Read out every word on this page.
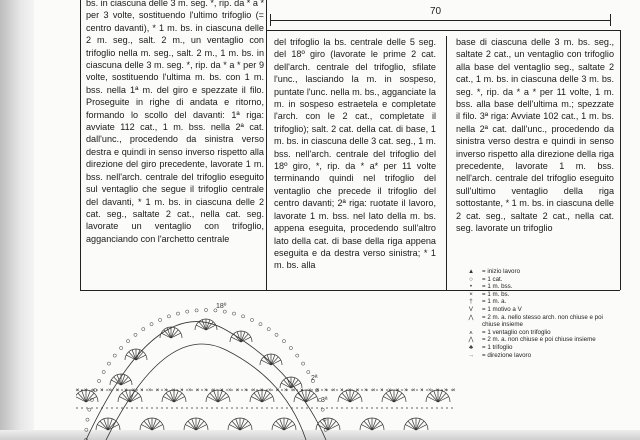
70
bs. in ciascuna delle 3 m. seg. *, rip. da * a * per 3 volte, sostituendo l'ultimo trifoglio (= centro davanti), * 1 m. bs. in ciascuna delle 2 m. seg., salt. 2 m., un ventaglio con trifoglio nella m. seg., salt. 2 m., 1 m. bs. in ciascuna delle 3 m. seg. *, rip. da * a * per 9 volte, sostituendo l'ultima m. bs. con 1 m. bss. nella 1ª m. del giro e spezzate il filo. Proseguite in righe di andata e ritorno, formando lo scollo del davanti: 1ª riga: avviate 112 cat., 1 m. bss. nella 2ª cat. dall'unc., procedendo da sinistra verso destra e quindi in senso inverso rispetto alla direzione del giro precedente, lavorate 1 m. bss. nell'arch. centrale del trifoglio eseguito sul ventaglio che segue il trifoglio centrale del davanti, * 1 m. bs. in ciascuna delle 2 cat. seg., saltate 2 cat., nella cat. seg. lavorate un ventaglio con trifoglio, agganciando con l'archetto centrale
del trifoglio la bs. centrale delle 5 seg. del 18º giro (lavorate le prime 2 cat. dell'arch. centrale del trifoglio, sfilate l'unc., lasciando la m. in sospeso, puntate l'unc. nella m. bs., agganciate la m. in sospeso estraetela e completate l'arch. con le 2 cat., completate il trifoglio); salt. 2 cat. della cat. di base, 1 m. bs. in ciascuna delle 3 cat. seg., 1 m. bss. nell'arch. centrale del trifoglio del 18º giro, *, rip. da * a* per 11 volte terminando quindi nel trifoglio del ventaglio che precede il trifoglio del centro davanti; 2ª riga: ruotate il lavoro, lavorate 1 m. bss. nel lato della m. bs. appena eseguita, procedendo sull'altro lato della cat. di base della riga appena eseguita e da destra verso sinistra; * 1 m. bs. alla
base di ciascuna delle 3 m. bs. seg., saltate 2 cat., un ventaglio con trifoglio alla base del ventaglio seg., saltate 2 cat., 1 m. bs. in ciascuna delle 3 m. bs. seg. *, rip. da * a * per 11 volte, 1 m. bss. alla base dell'ultima m.; spezzate il filo. 3ª riga: Avviate 102 cat., 1 m. bs. nella 2ª cat. dall'unc., procedendo da sinistra verso destra e quindi in senso inverso rispetto alla direzione della riga precedente, lavorate 1 m. bss. nell'arch. centrale del trifoglio eseguito sull'ultimo ventaglio della riga sottostante, * 1 m. bs. in ciascuna delle 2 cat. seg., saltate 2 cat., nella cat. seg. lavorate un trifoglio
× × × × × × × × × × × × × × × × × × × × × × × × × × × × × × × × × × × × × × × × × × × × × × × ×
2ª
3ª
18º
▲	= inizio lavoro
○	= 1 cat.
•	= 1 m. bss.
×	= 1 m. bs.
†	= 1 m. a.
V	= 1 motivo a V
⋀	= 2 m. a. nello stesso arch. non chiuse e poi chiuse insieme
⩚	= 1 ventaglio con trifoglio
⋀	= 2 m. a. non chiuse e poi chiuse insieme
♣	= 1 trifoglio
→	= direzione lavoro
